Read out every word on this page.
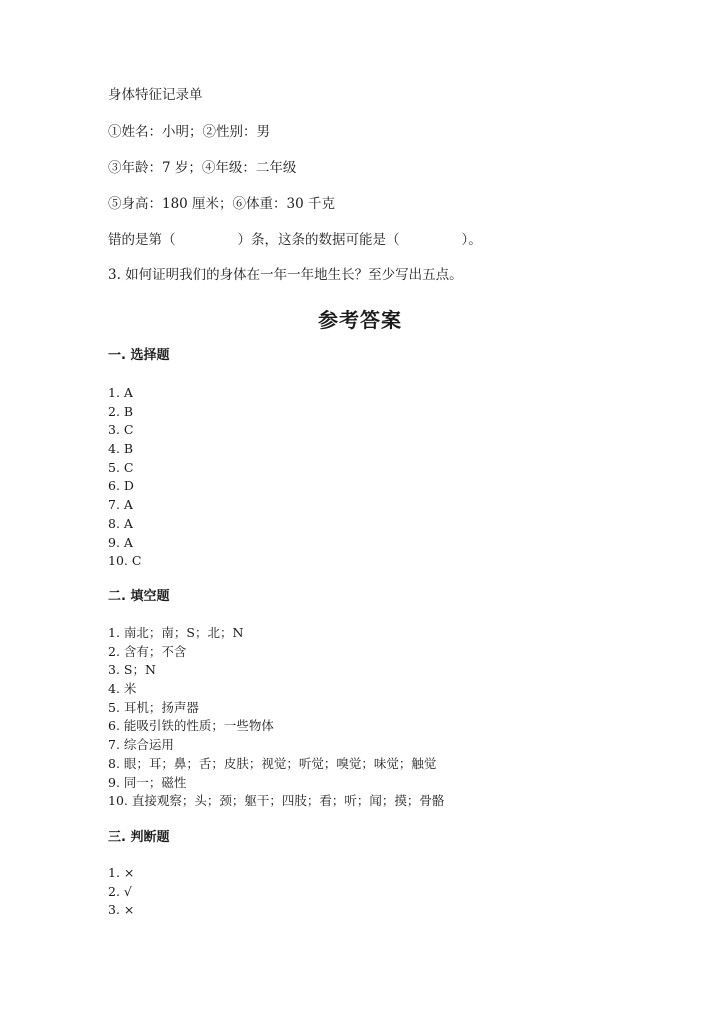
身体特征记录单
①姓名：小明；②性别：男
③年龄：7 岁；④年级：二年级
⑤身高：180 厘米；⑥体重：30 千克
错的是第（	）条，这条的数据可能是（	）。
3. 如何证明我们的身体在一年一年地生长？至少写出五点。
参考答案
一. 选择题
1. A
2. B
3. C
4. B
5. C
6. D
7. A
8. A
9. A
10. C
二. 填空题
1. 南北；南；S；北；N
2. 含有；不含
3. S；N
4. 米
5. 耳机；扬声器
6. 能吸引铁的性质；一些物体
7. 综合运用
8. 眼；耳；鼻；舌；皮肤；视觉；听觉；嗅觉；味觉；触觉
9. 同一；磁性
10. 直接观察；头；颈；躯干；四肢；看；听；闻；摸；骨骼
三. 判断题
1. ×
2. √
3. ×
